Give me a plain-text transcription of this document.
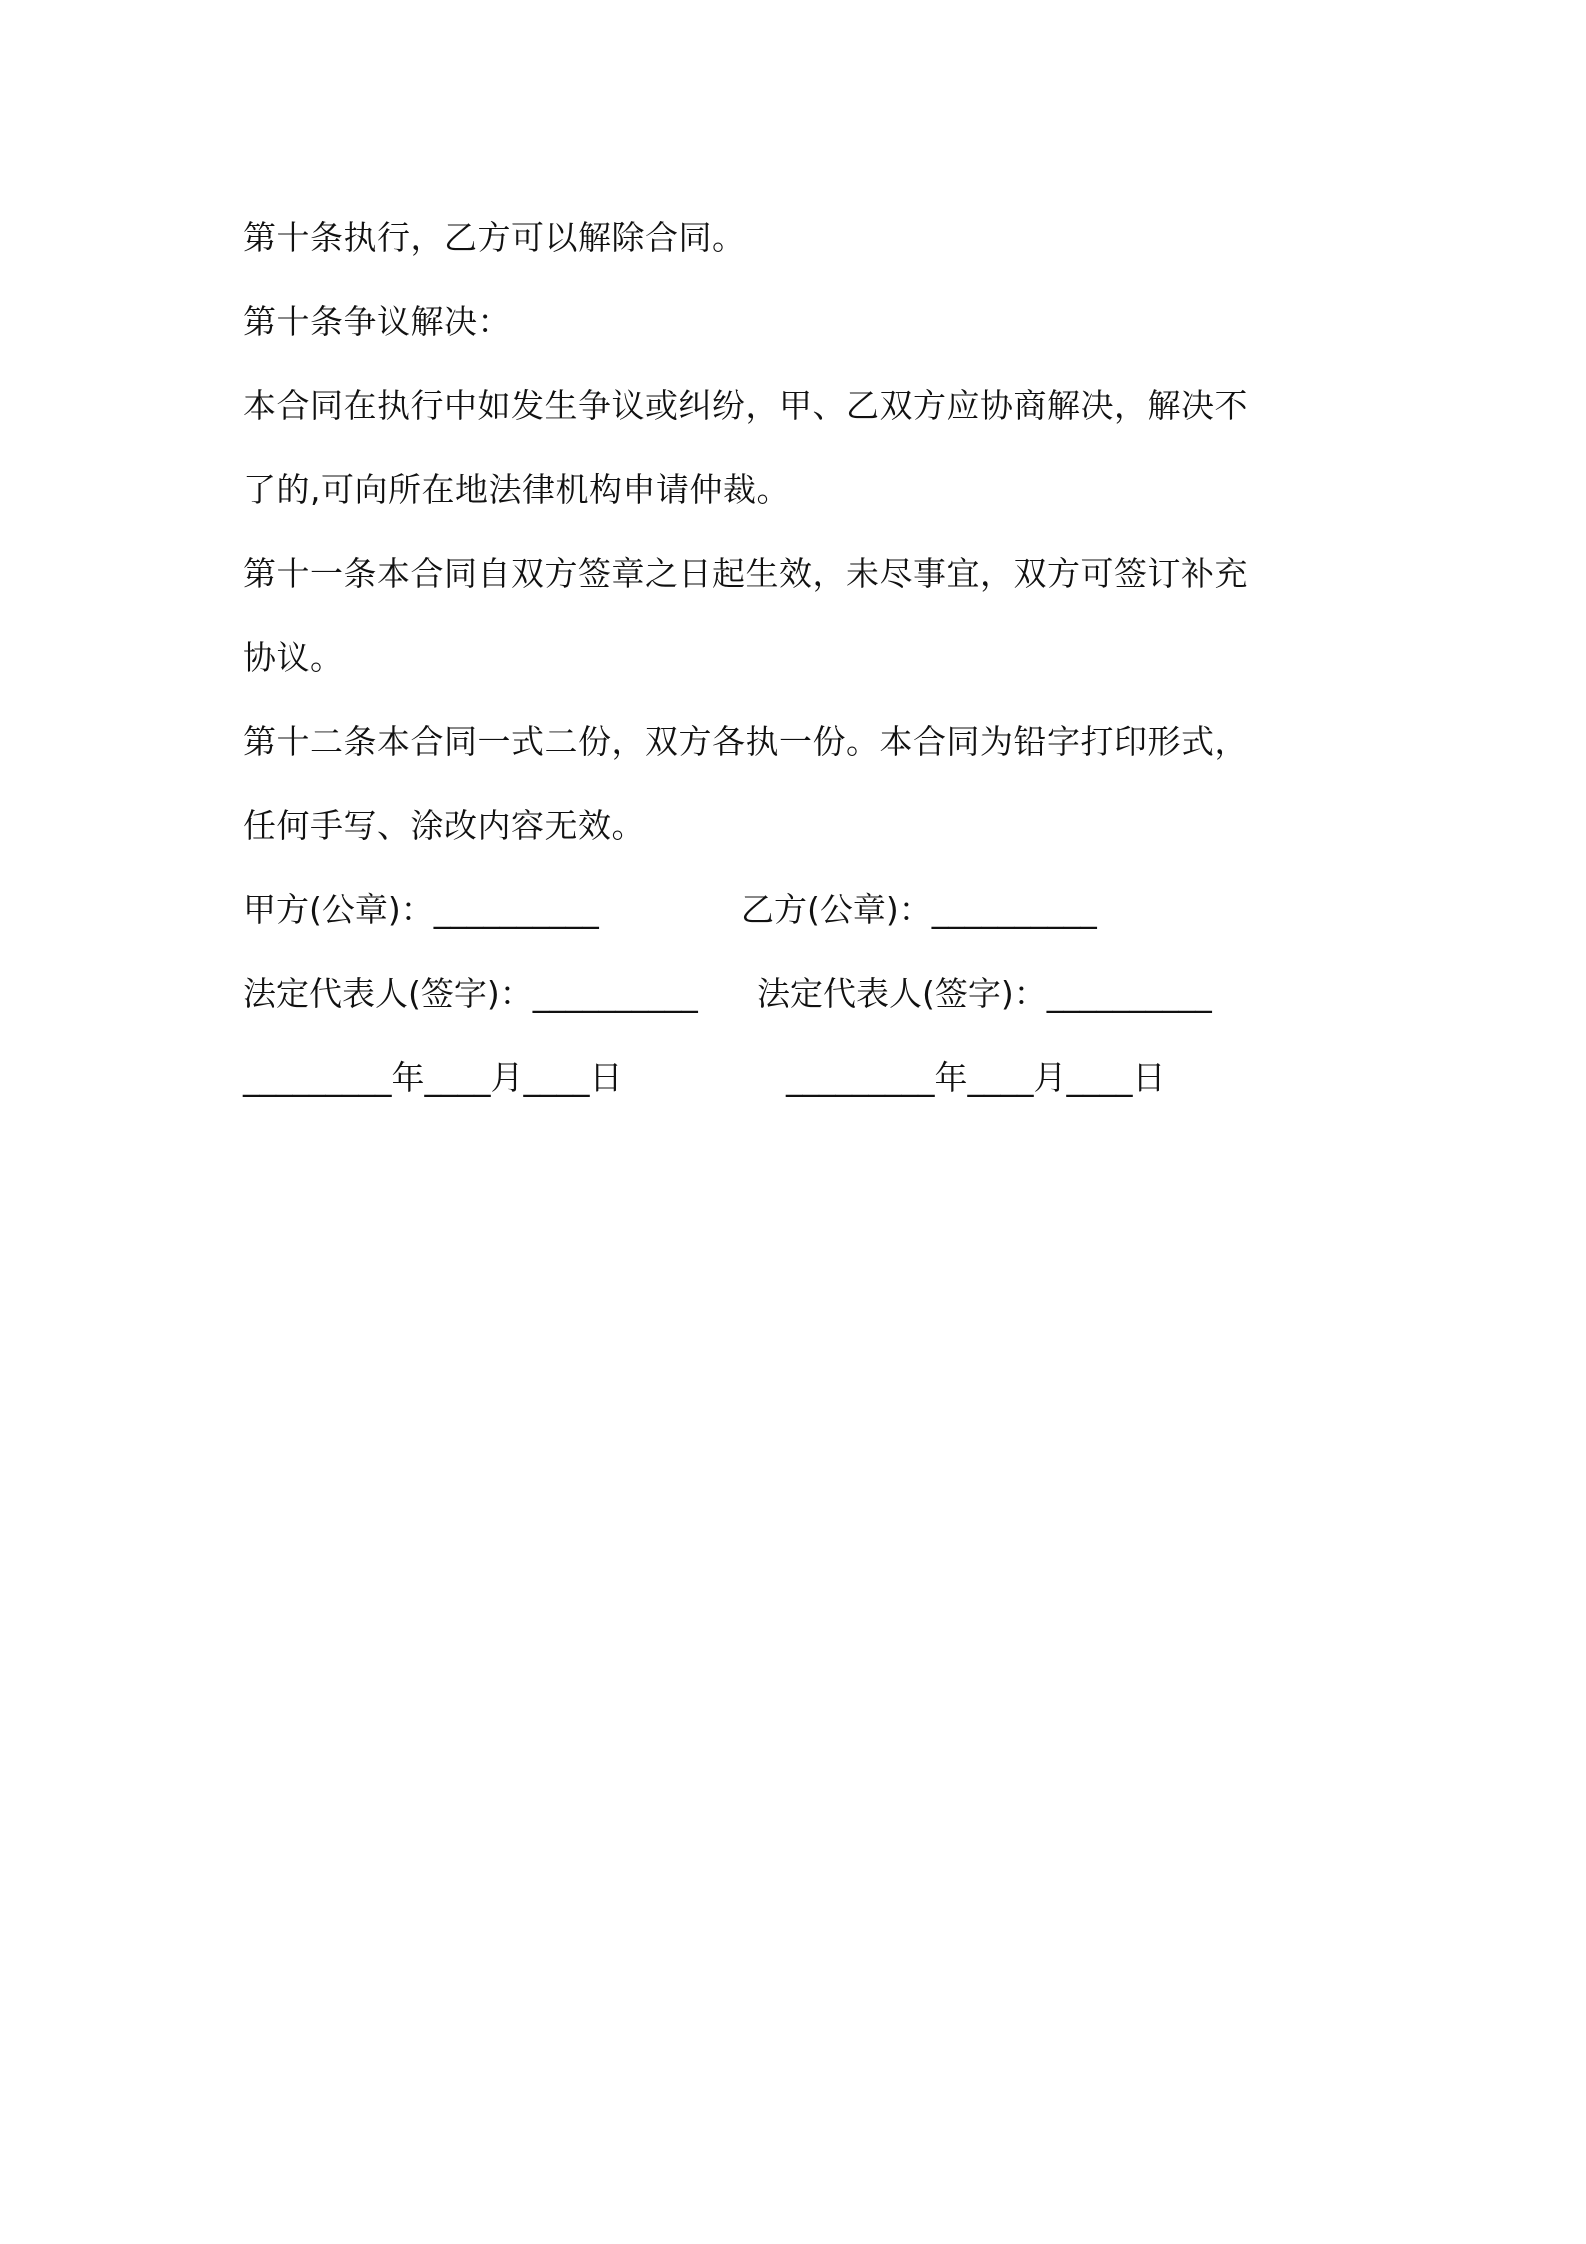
第十条执行，乙方可以解除合同。
第十条争议解决：
本合同在执行中如发生争议或纠纷，甲、乙双方应协商解决，解决不
了的,可向所在地法律机构申请仲裁。
第十一条本合同自双方签章之日起生效，未尽事宜，双方可签订补充
协议。
第十二条本合同一式二份，双方各执一份。本合同为铅字打印形式，
任何手写、涂改内容无效。
甲方(公章)：__________	乙方(公章)：__________
法定代表人(签字)：__________ 法定代表人(签字)：__________
_________年____月____日	_________年____月____日
